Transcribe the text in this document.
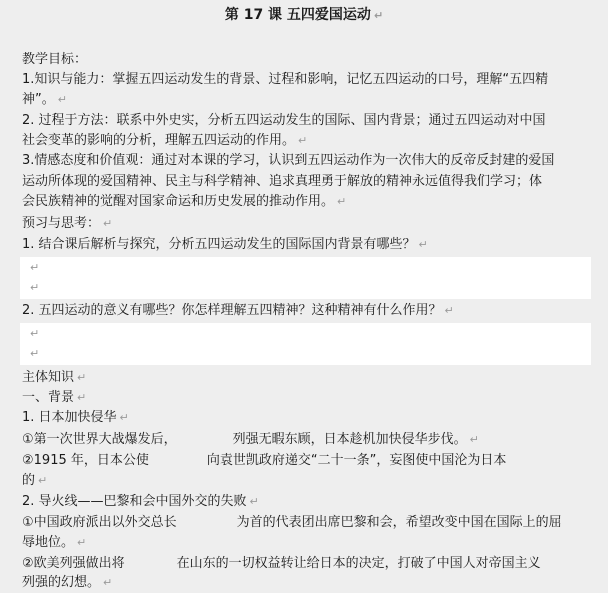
第 17 课 五四爱国运动 ↵
教学目标：
1.知识与能力：掌握五四运动发生的背景、过程和影响，记忆五四运动的口号，理解“五四精
神”。 ↵
2. 过程于方法：联系中外史实，分析五四运动发生的国际、国内背景；通过五四运动对中国
社会变革的影响的分析，理解五四运动的作用。 ↵
3.情感态度和价值观：通过对本课的学习，认识到五四运动作为一次伟大的反帝反封建的爱国
运动所体现的爱国精神、民主与科学精神、追求真理勇于解放的精神永远值得我们学习；体
会民族精神的觉醒对国家命运和历史发展的推动作用。 ↵
预习与思考： ↵
1. 结合课后解析与探究，分析五四运动发生的国际国内背景有哪些？ ↵
↵
↵
2. 五四运动的意义有哪些？你怎样理解五四精神？这种精神有什么作用？ ↵
↵
↵
主体知识 ↵
一、背景 ↵
1. 日本加快侵华 ↵
①第一次世界大战爆发后，	列强无暇东顾，日本趁机加快侵华步伐。 ↵
②1915 年，日本公使	向袁世凯政府递交“二十一条”，妄图使中国沦为日本
的 ↵
2. 导火线——巴黎和会中国外交的失败 ↵
①中国政府派出以外交总长	为首的代表团出席巴黎和会，希望改变中国在国际上的屈
辱地位。 ↵
②欧美列强做出将	在山东的一切权益转让给日本的决定，打破了中国人对帝国主义
列强的幻想。 ↵
